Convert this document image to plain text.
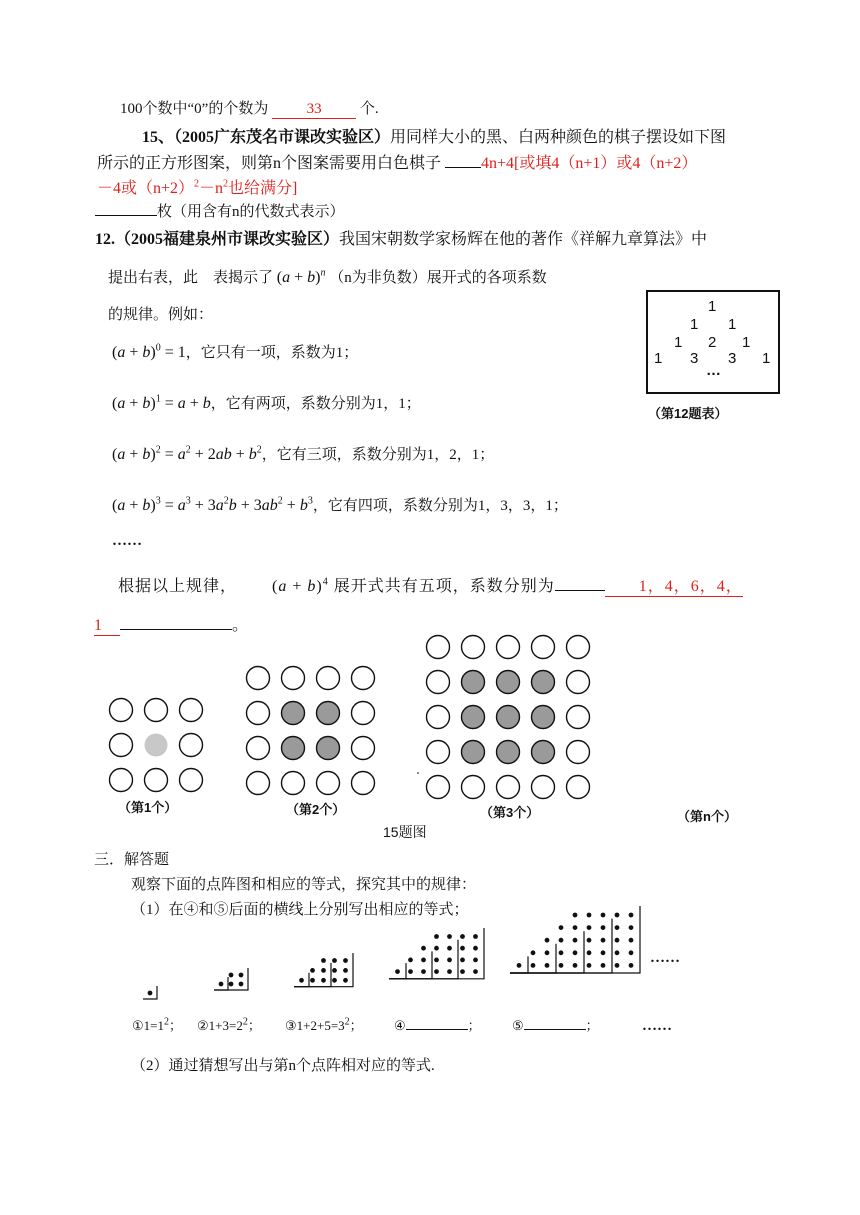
100个数中“0”的个数为	33	个.
15、（2005广东茂名市课改实验区）用同样大小的黑、白两种颜色的棋子摆设如下图
所示的正方形图案，则第n个图案需要用白色棋子	4n+4[或填4（n+1）或4（n+2）
－4或$(n+2)^2-n^2$也给满分]
枚（用含有n的代数式表示）
12.（2005福建泉州市课改实验区）我国宋朝数学家杨辉在他的著作《祥解九章算法》中
提出右表，此　表揭示了 $(a + b)^n$ （n为非负数）展开式的各项系数
的规律。例如：
$(a + b)^0 = 1$，它只有一项，系数为1；
$(a + b)^1 = a + b$，它有两项，系数分别为1，1；
$(a + b)^2 = a^2 + 2ab + b^2$，它有三项，系数分别为1，2，1；
$(a + b)^3 = a^3 + 3a^2b + 3ab^2 + b^3$，它有四项，系数分别为1，3，3，1；
……
根据以上规律， $(a + b)^4$ 展开式共有五项，系数分别为	1，4，6，4，
1	。
1
1 1
1 2 1
1 3 3 1
…
（第12题表）
（第1个）	（第2个）	（第3个）	（第n个）
15题图
三．解答题
观察下面的点阵图和相应的等式，探究其中的规律：
（1）在④和⑤后面的横线上分别写出相应的等式；
……
$①1=1^2$； $②1+3=2^2$； $③1+2+5=3^2$； ④	； ⑤	；	……
（2）通过猜想写出与第n个点阵相对应的等式.
